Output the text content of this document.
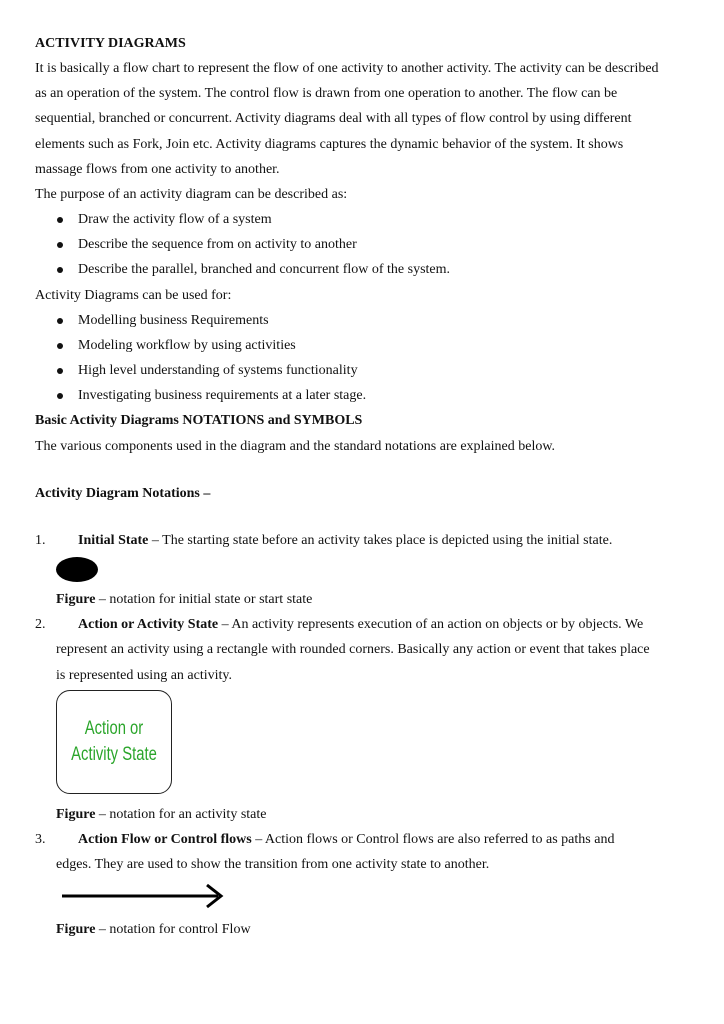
ACTIVITY DIAGRAMS
It is basically a flow chart to represent the flow of one activity to another activity. The activity can be described
as an operation of the system. The control flow is drawn from one operation to another. The flow can be
sequential, branched or concurrent. Activity diagrams deal with all types of flow control by using different
elements such as Fork, Join etc. Activity diagrams captures the dynamic behavior of the system. It shows
massage flows from one activity to another.
The purpose of an activity diagram can be described as:
Draw the activity flow of a system
Describe the sequence from on activity to another
Describe the parallel, branched and concurrent flow of the system.
Activity Diagrams can be used for:
Modelling business Requirements
Modeling workflow by using activities
High level understanding of systems functionality
Investigating business requirements at a later stage.
Basic Activity Diagrams NOTATIONS and SYMBOLS
The various components used in the diagram and the standard notations are explained below.
Activity Diagram Notations –
1. Initial State – The starting state before an activity takes place is depicted using the initial state.
Figure – notation for initial state or start state
2. Action or Activity State – An activity represents execution of an action on objects or by objects. We
represent an activity using a rectangle with rounded corners. Basically any action or event that takes place
is represented using an activity.
Action or Activity State
Figure – notation for an activity state
3. Action Flow or Control flows – Action flows or Control flows are also referred to as paths and
edges. They are used to show the transition from one activity state to another.
Figure – notation for control Flow
